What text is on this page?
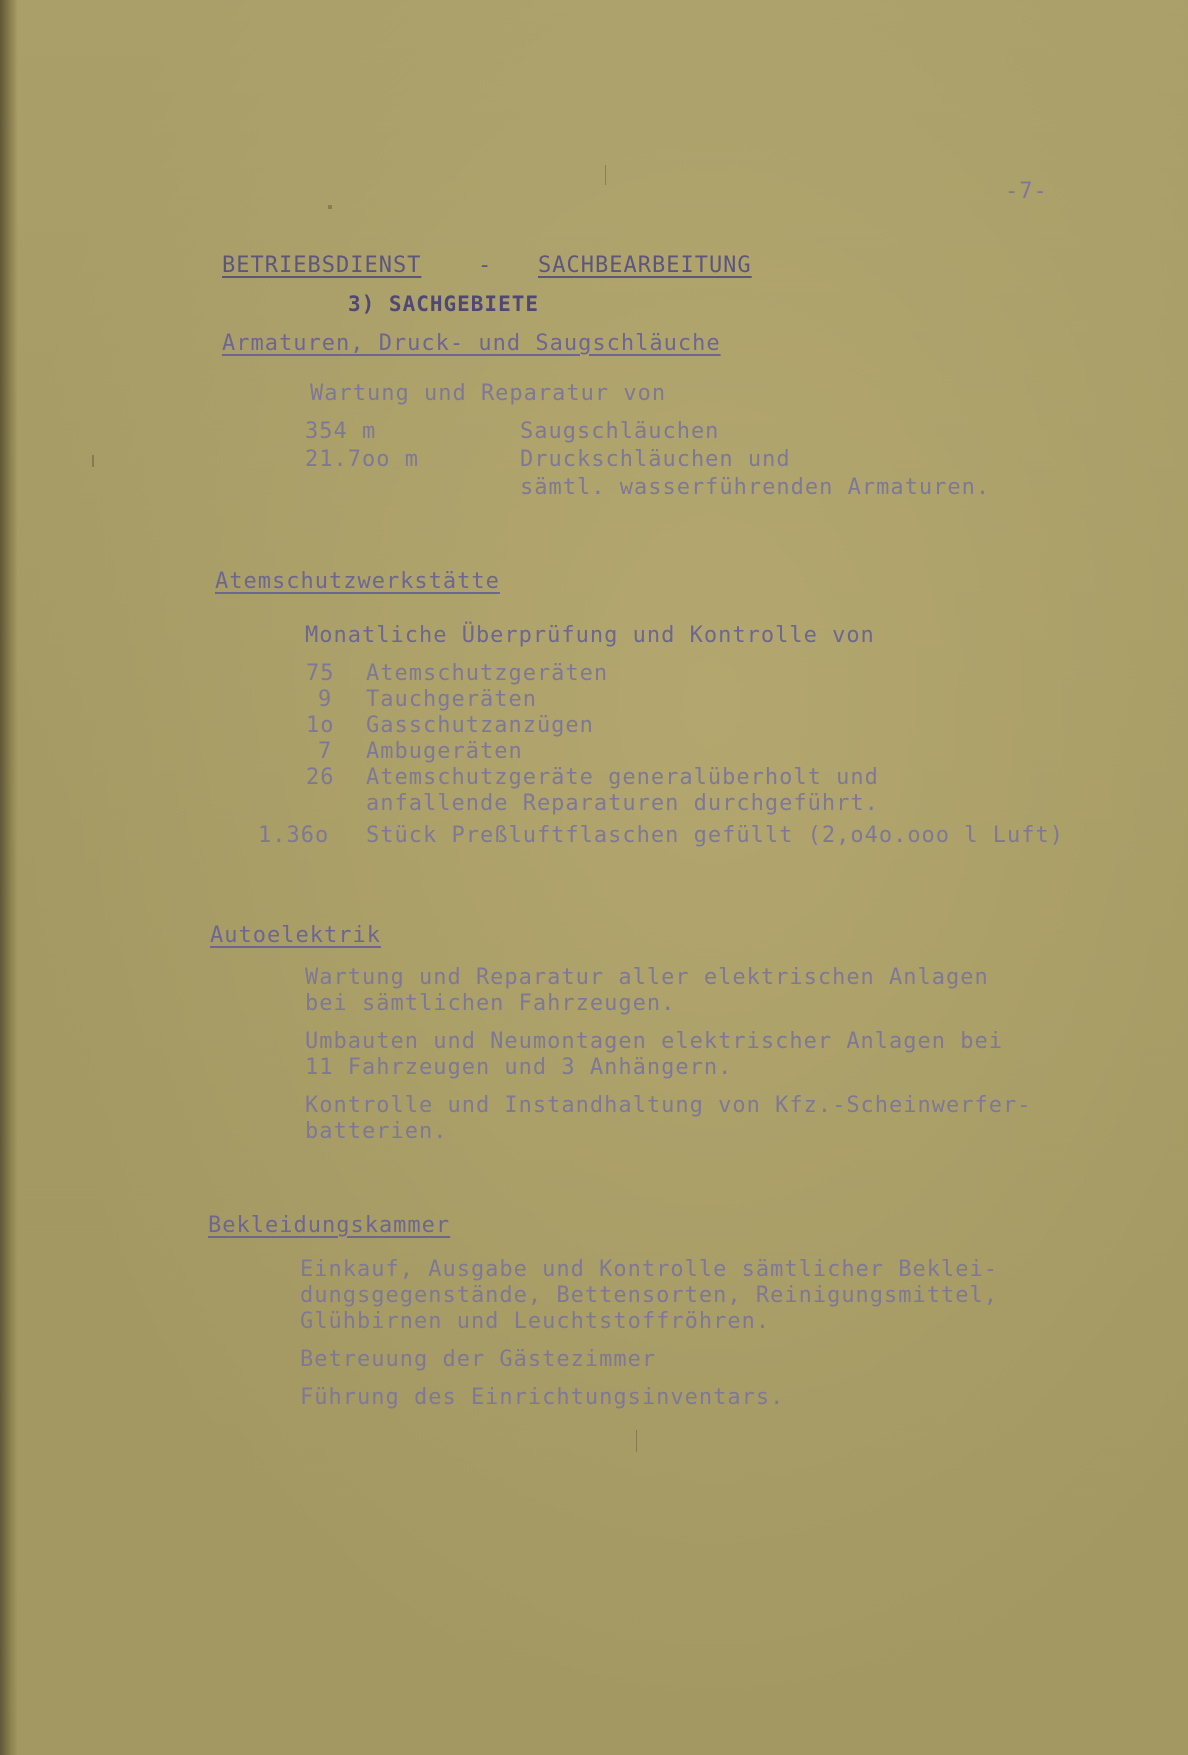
-7-

BETRIEBSDIENST	- SACHBEARBEITUNG

3) SACHGEBIETE

Armaturen, Druck- und Saugschläuche

Wartung und Reparatur von

354 m	Saugschläuchen

21.7oo m	Druckschläuchen und

sämtl. wasserführenden Armaturen.

Atemschutzwerkstätte

Monatliche Überprüfung und Kontrolle von

75 Atemschutzgeräten

9 Tauchgeräten

1o Gasschutzanzügen

7 Ambugeräten

26 Atemschutzgeräte generalüberholt und

anfallende Reparaturen durchgeführt.

1.36o Stück Preßluftflaschen gefüllt (2,o4o.ooo l Luft)

Autoelektrik

Wartung und Reparatur aller elektrischen Anlagen

bei sämtlichen Fahrzeugen.

Umbauten und Neumontagen elektrischer Anlagen bei

11 Fahrzeugen und 3 Anhängern.

Kontrolle und Instandhaltung von Kfz.-Scheinwerfer-

batterien.

Bekleidungskammer

Einkauf, Ausgabe und Kontrolle sämtlicher Beklei-

dungsgegenstände, Bettensorten, Reinigungsmittel,

Glühbirnen und Leuchtstoffröhren.

Betreuung der Gästezimmer

Führung des Einrichtungsinventars.
